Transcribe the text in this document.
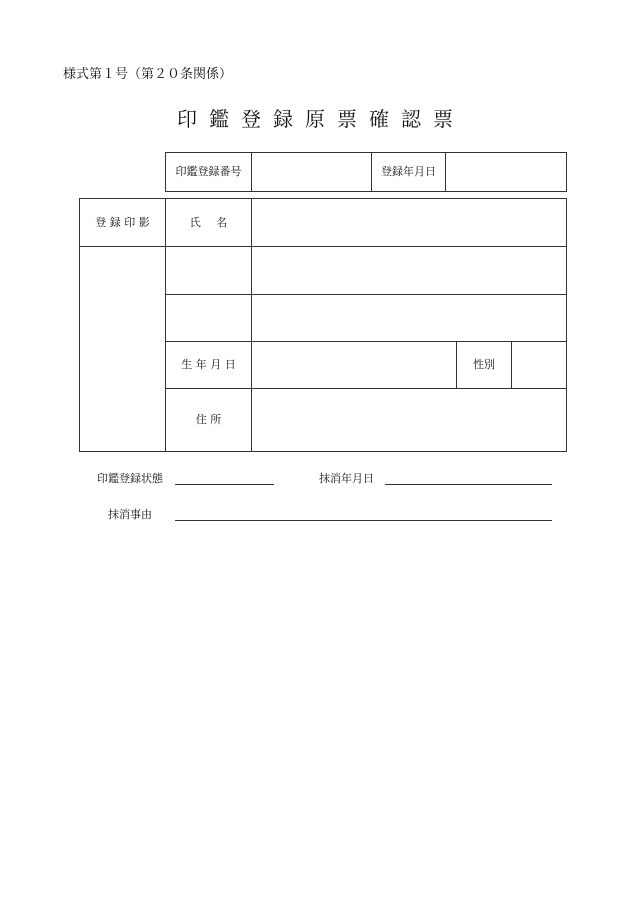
様式第１号（第２０条関係）
印鑑登録原票確認票
印鑑登録番号	登録年月日
登 録 印 影	氏 名
生 年 月 日	性別
住 所
印鑑登録状態	抹消年月日
抹消事由
